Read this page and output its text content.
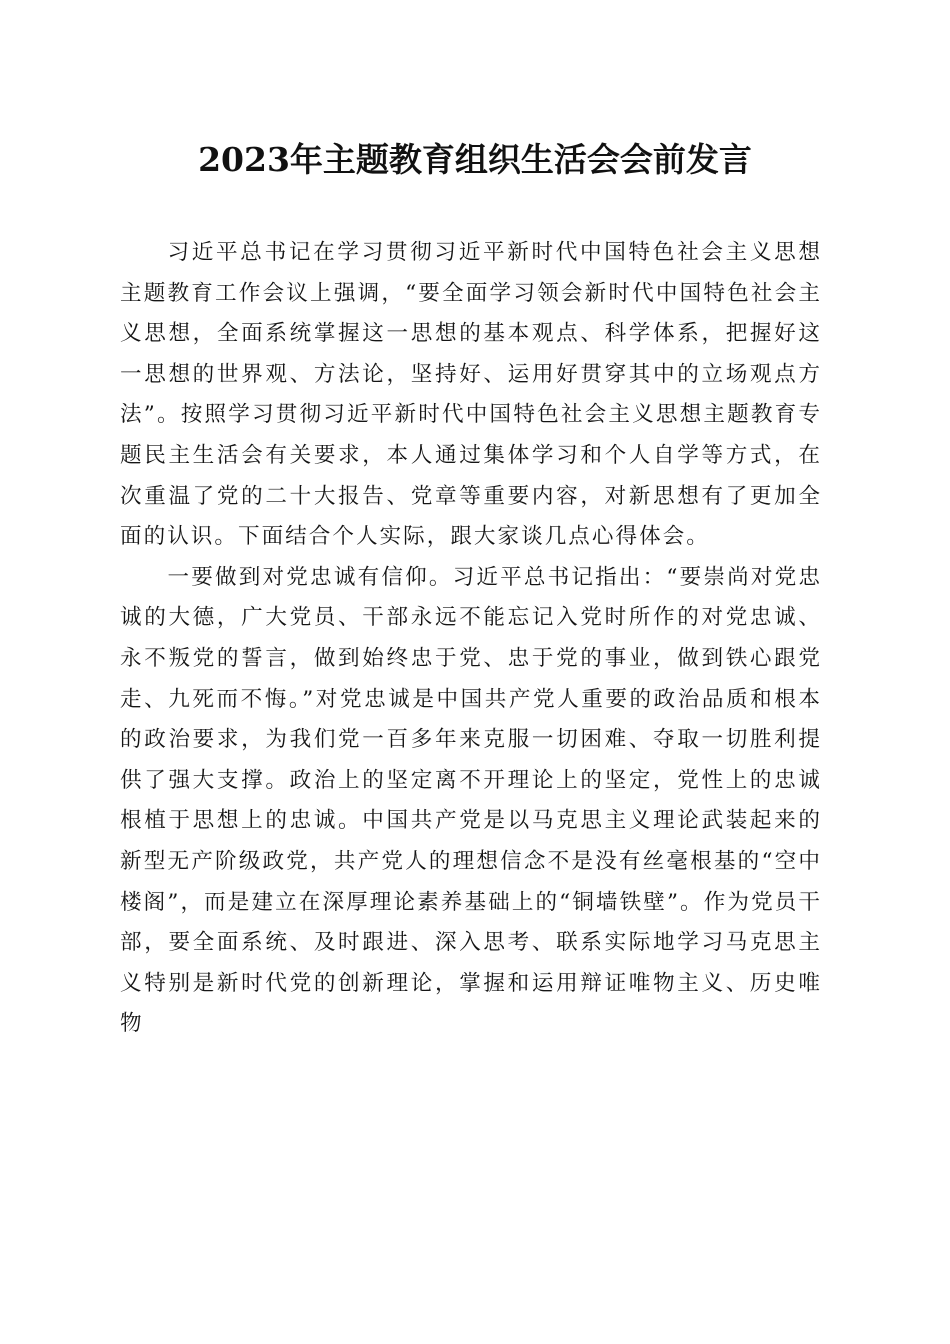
2023年主题教育组织生活会会前发言

习近平总书记在学习贯彻习近平新时代中国特色社会主义思想主题教育工作会议上强调，“要全面学习领会新时代中国特色社会主义思想，全面系统掌握这一思想的基本观点、科学体系，把握好这一思想的世界观、方法论，坚持好、运用好贯穿其中的立场观点方法”。按照学习贯彻习近平新时代中国特色社会主义思想主题教育专题民主生活会有关要求，本人通过集体学习和个人自学等方式，在次重温了党的二十大报告、党章等重要内容，对新思想有了更加全面的认识。下面结合个人实际，跟大家谈几点心得体会。

一要做到对党忠诚有信仰。习近平总书记指出：“要崇尚对党忠诚的大德，广大党员、干部永远不能忘记入党时所作的对党忠诚、永不叛党的誓言，做到始终忠于党、忠于党的事业，做到铁心跟党走、九死而不悔。”对党忠诚是中国共产党人重要的政治品质和根本的政治要求，为我们党一百多年来克服一切困难、夺取一切胜利提供了强大支撑。政治上的坚定离不开理论上的坚定，党性上的忠诚根植于思想上的忠诚。中国共产党是以马克思主义理论武装起来的新型无产阶级政党，共产党人的理想信念不是没有丝毫根基的“空中楼阁”，而是建立在深厚理论素养基础上的“铜墙铁壁”。作为党员干部，要全面系统、及时跟进、深入思考、联系实际地学习马克思主义特别是新时代党的创新理论，掌握和运用辩证唯物主义、历史唯物
